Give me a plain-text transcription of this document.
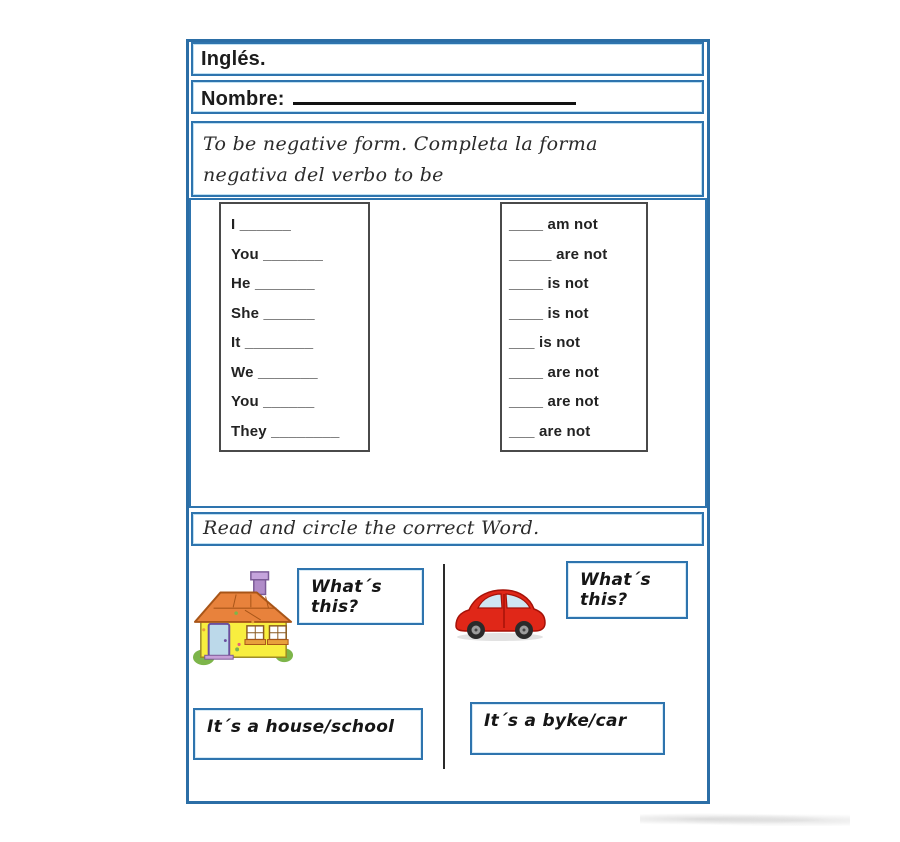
Inglés.
Nombre:
To be negative form. Completa la forma negativa del verbo to be
I ______
You _______
He _______
She ______
It ________
We _______
You ______
They ________
____ am not
_____ are not
____ is not
____ is not
___ is not
____ are not
____ are not
___ are not
Read and circle the correct Word.
What´s this?
What´s this?
It´s a house/school	It´s a byke/car
